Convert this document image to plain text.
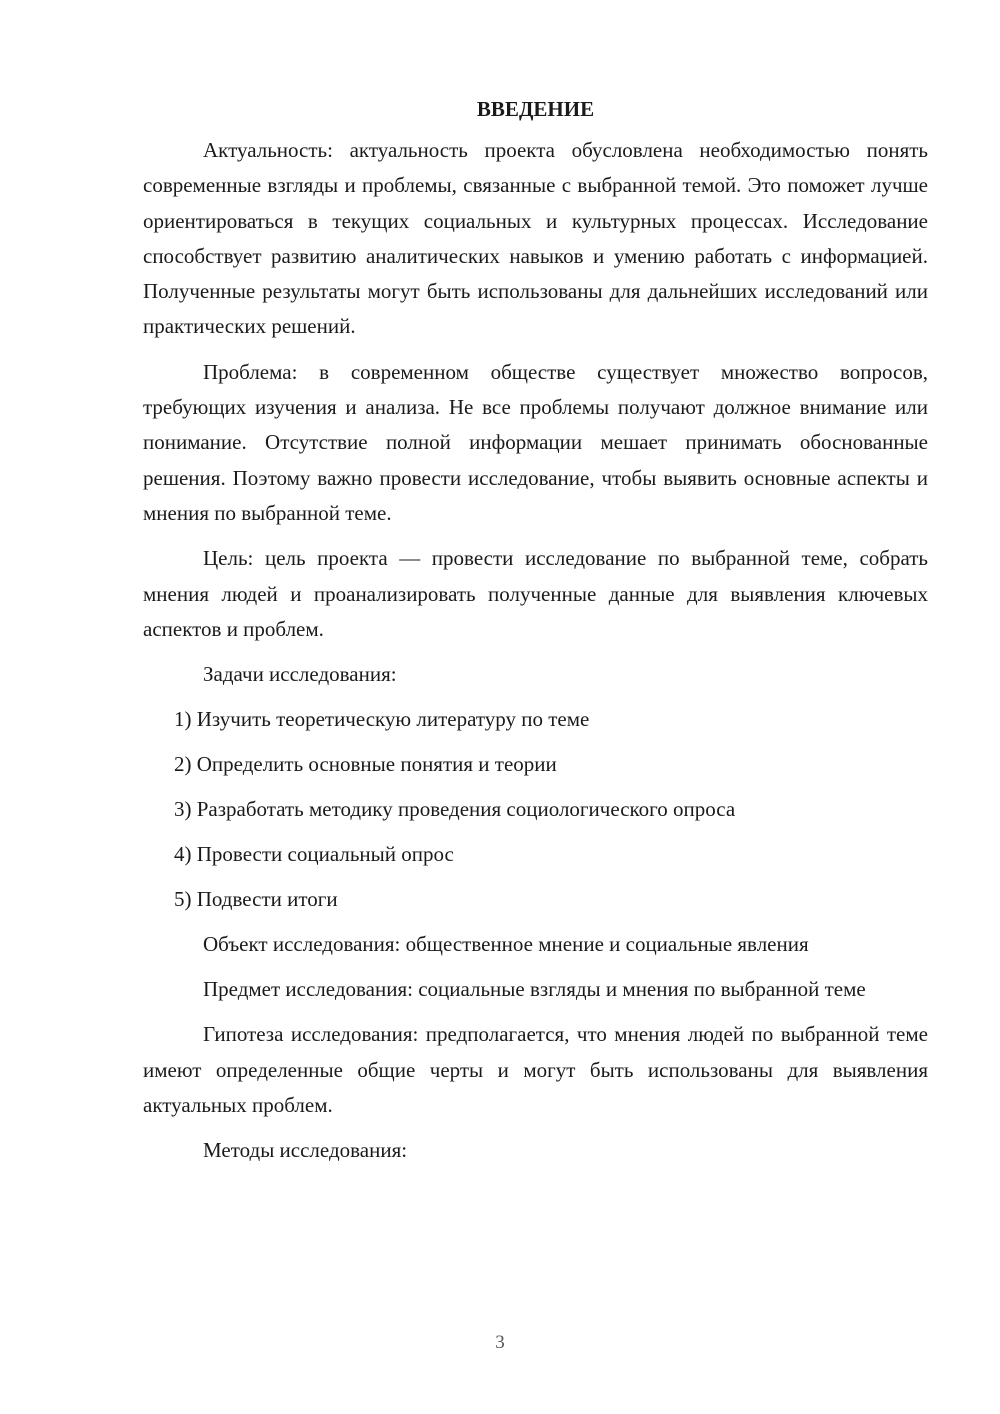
ВВЕДЕНИЕ

Актуальность: актуальность проекта обусловлена необходимостью понять современные взгляды и проблемы, связанные с выбранной темой. Это поможет лучше ориентироваться в текущих социальных и культурных процессах. Исследование способствует развитию аналитических навыков и умению работать с информацией. Полученные результаты могут быть использованы для дальнейших исследований или практических решений.

Проблема: в современном обществе существует множество вопросов, требующих изучения и анализа. Не все проблемы получают должное внимание или понимание. Отсутствие полной информации мешает принимать обоснованные решения. Поэтому важно провести исследование, чтобы выявить основные аспекты и мнения по выбранной теме.

Цель: цель проекта — провести исследование по выбранной теме, собрать мнения людей и проанализировать полученные данные для выявления ключевых аспектов и проблем.

Задачи исследования:

1) Изучить теоретическую литературу по теме

2) Определить основные понятия и теории

3) Разработать методику проведения социологического опроса

4) Провести социальный опрос

5) Подвести итоги

Объект исследования: общественное мнение и социальные явления

Предмет исследования: социальные взгляды и мнения по выбранной теме

Гипотеза исследования: предполагается, что мнения людей по выбранной теме имеют определенные общие черты и могут быть использованы для выявления актуальных проблем.

Методы исследования:

3
